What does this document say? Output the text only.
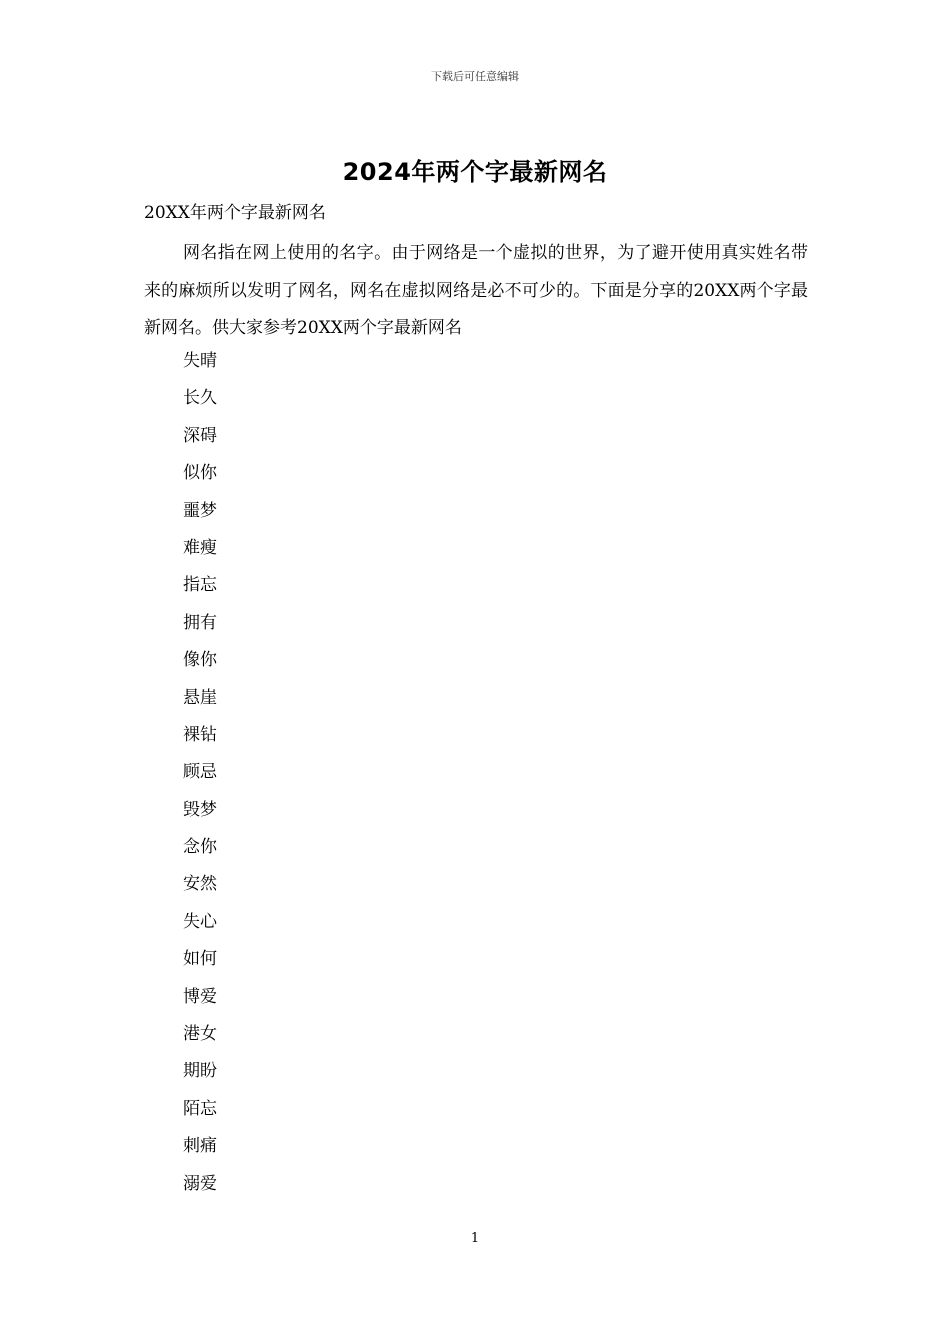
下载后可任意编辑
2024年两个字最新网名
20XX年两个字最新网名

网名指在网上使用的名字。由于网络是一个虚拟的世界，为了避开使用真实姓名带来的麻烦所以发明了网名，网名在虚拟网络是必不可少的。下面是分享的20XX两个字最新网名。供大家参考20XX两个字最新网名

失晴
长久
深碍
似你
噩梦
难瘦
指忘
拥有
像你
悬崖
裸钻
顾忌
毁梦
念你
安然
失心
如何
博爱
港女
期盼
陌忘
刺痛
溺爱
1
